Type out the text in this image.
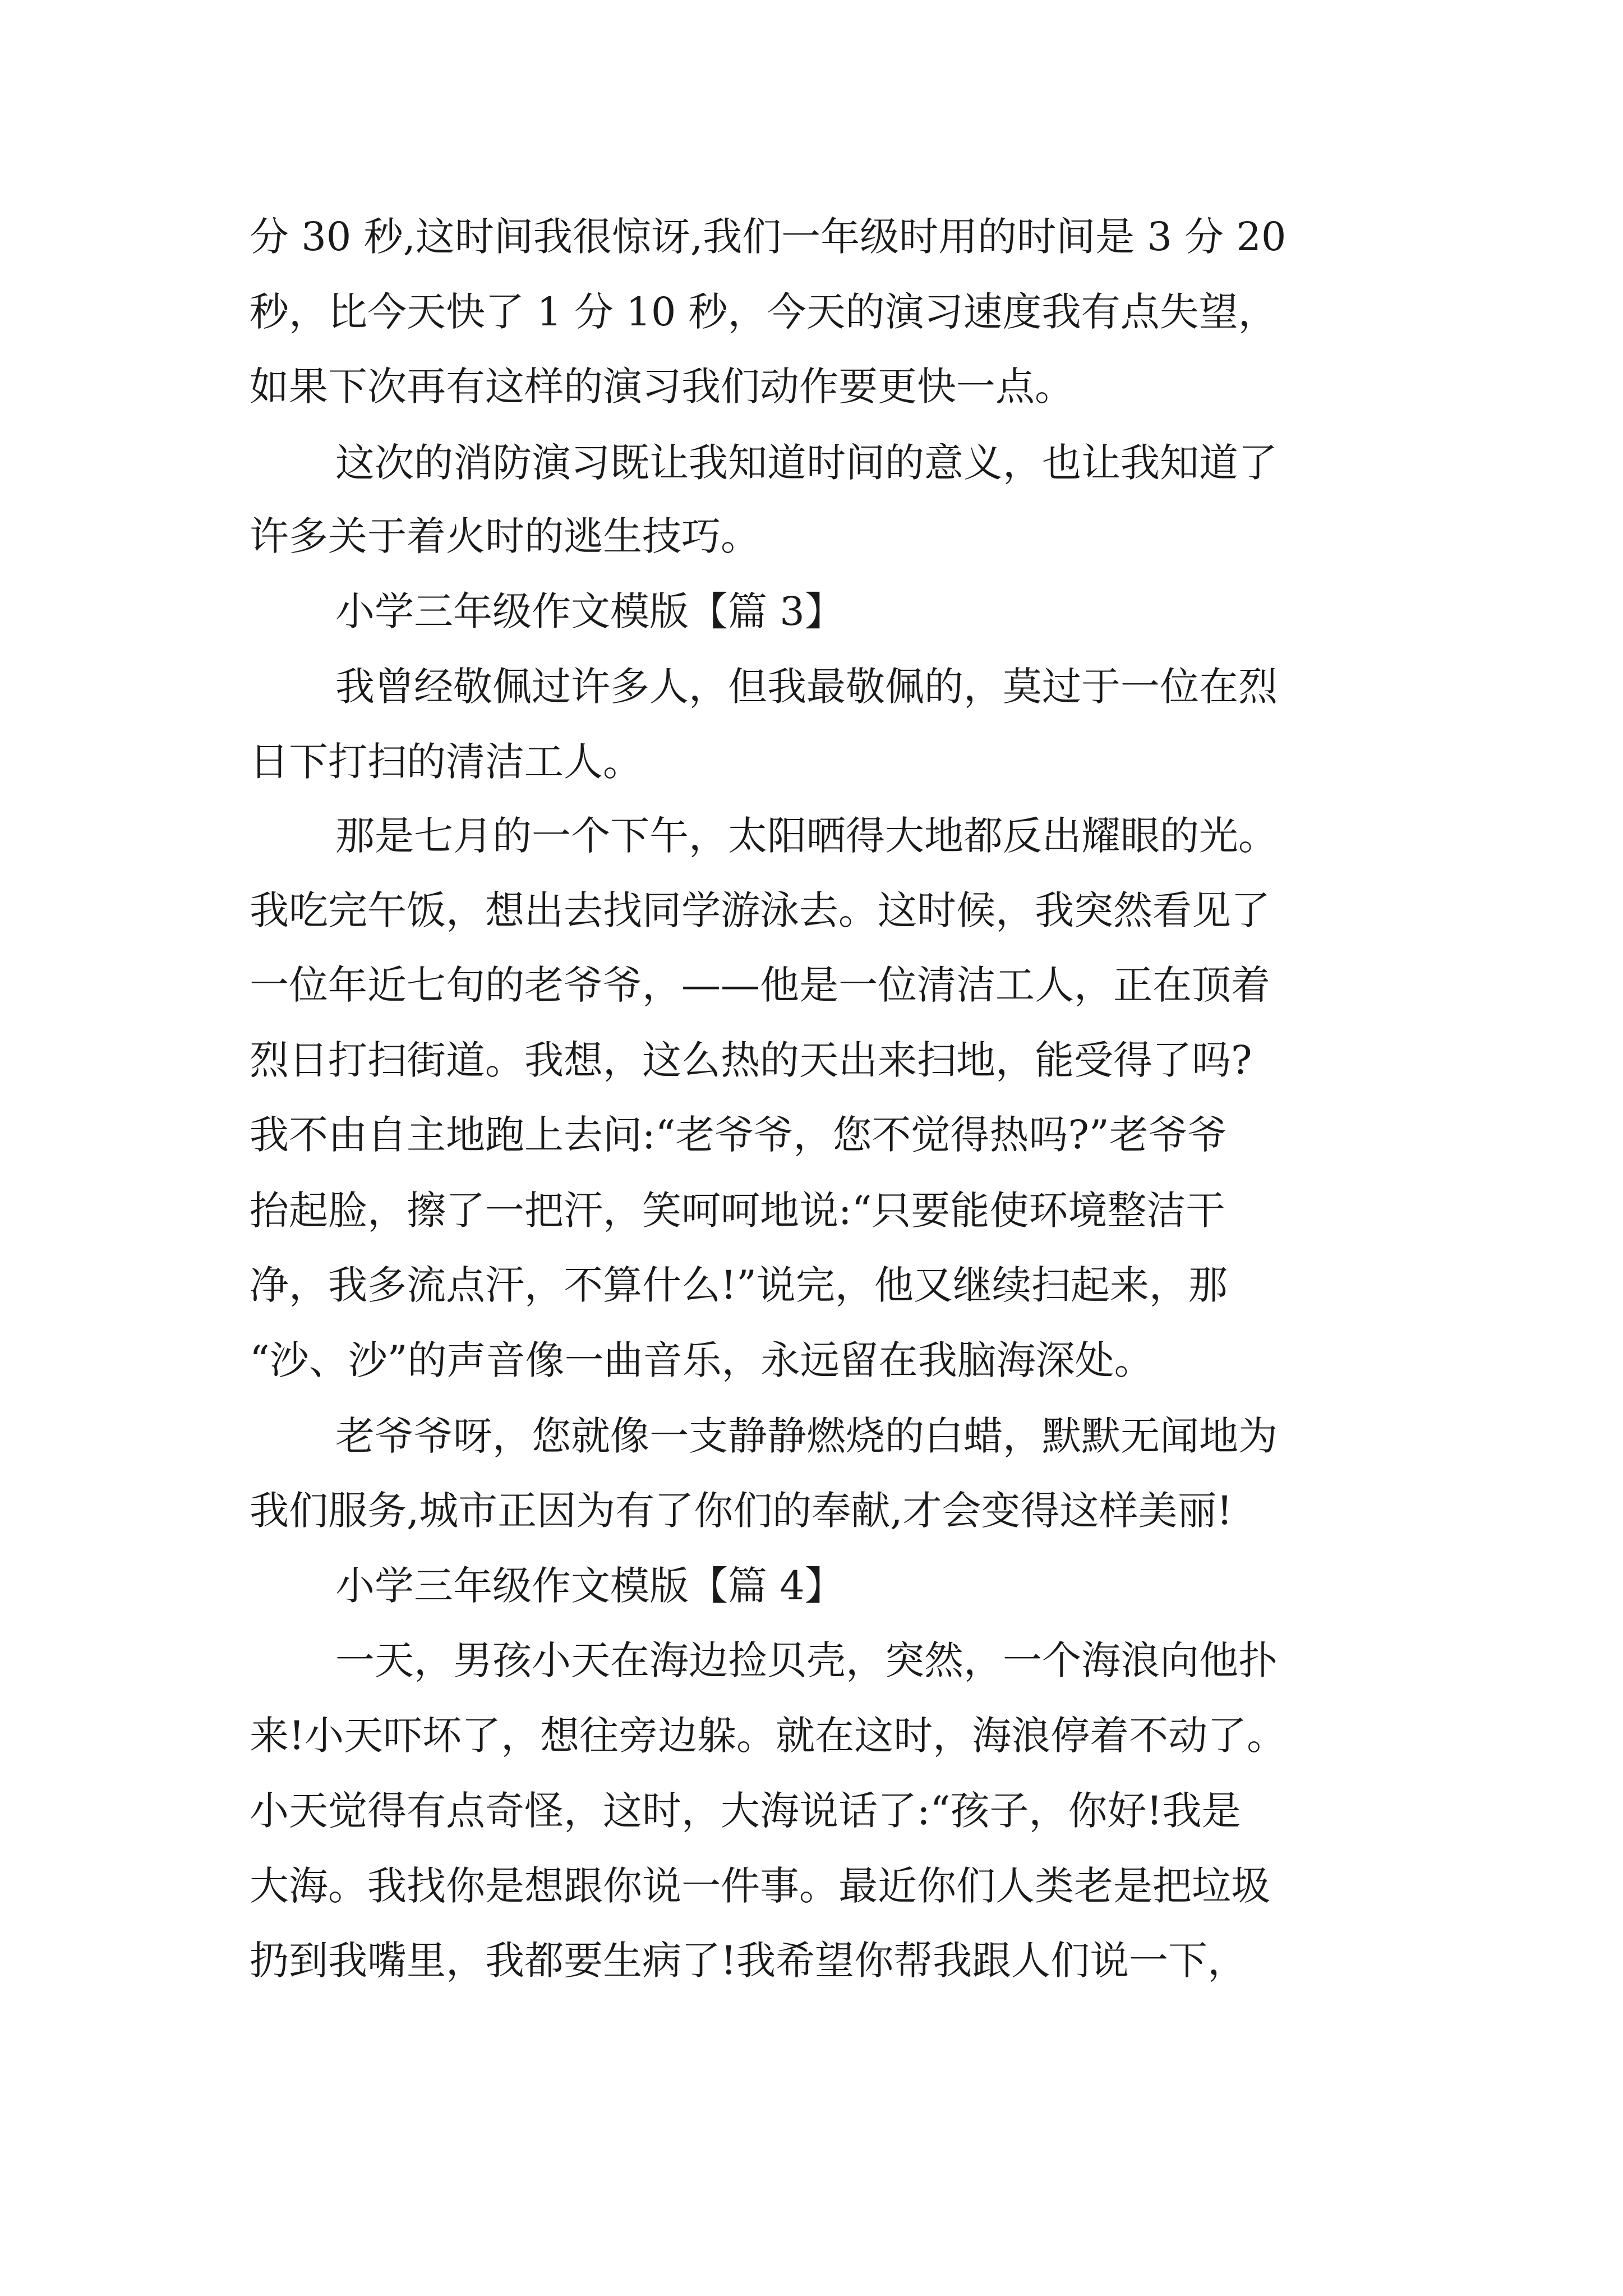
分 30 秒,这时间我很惊讶,我们一年级时用的时间是 3 分 20
秒，比今天快了 1 分 10 秒，今天的演习速度我有点失望，
如果下次再有这样的演习我们动作要更快一点。
这次的消防演习既让我知道时间的意义，也让我知道了
许多关于着火时的逃生技巧。
小学三年级作文模版【篇 3】
我曾经敬佩过许多人，但我最敬佩的，莫过于一位在烈
日下打扫的清洁工人。
那是七月的一个下午，太阳晒得大地都反出耀眼的光。
我吃完午饭，想出去找同学游泳去。这时候，我突然看见了
一位年近七旬的老爷爷，——他是一位清洁工人，正在顶着
烈日打扫街道。我想，这么热的天出来扫地，能受得了吗?
我不由自主地跑上去问:“老爷爷，您不觉得热吗?”老爷爷
抬起脸，擦了一把汗，笑呵呵地说:“只要能使环境整洁干
净，我多流点汗，不算什么!”说完，他又继续扫起来，那
“沙、沙”的声音像一曲音乐，永远留在我脑海深处。
老爷爷呀，您就像一支静静燃烧的白蜡，默默无闻地为
我们服务,城市正因为有了你们的奉献,才会变得这样美丽!
小学三年级作文模版【篇 4】
一天，男孩小天在海边捡贝壳，突然，一个海浪向他扑
来!小天吓坏了，想往旁边躲。就在这时，海浪停着不动了。
小天觉得有点奇怪，这时，大海说话了:“孩子，你好!我是
大海。我找你是想跟你说一件事。最近你们人类老是把垃圾
扔到我嘴里，我都要生病了!我希望你帮我跟人们说一下，
